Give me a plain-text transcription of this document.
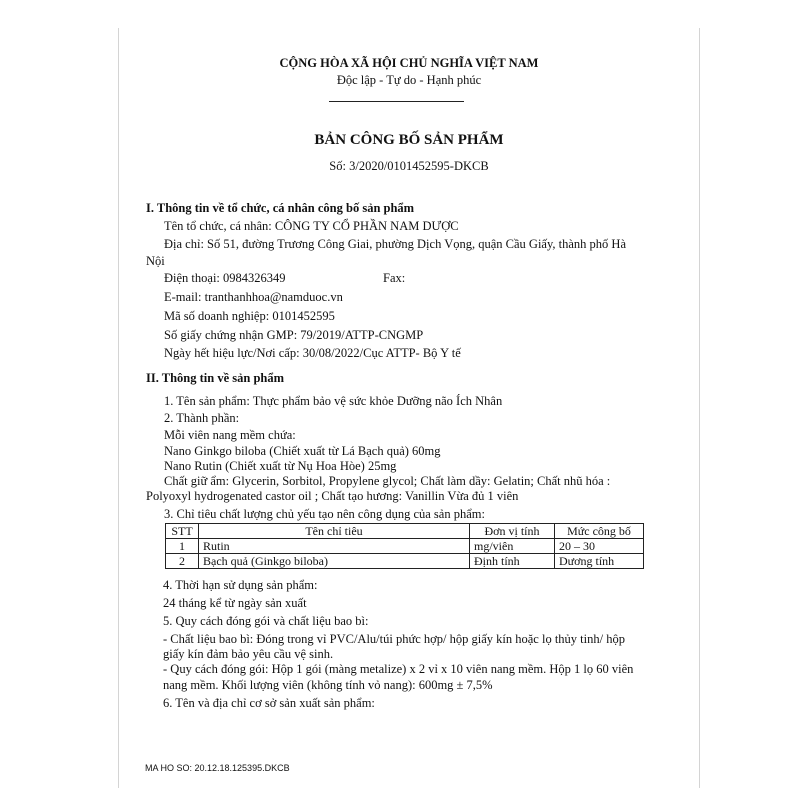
CỘNG HÒA XÃ HỘI CHỦ NGHĨA VIỆT NAM
Độc lập - Tự do - Hạnh phúc
BẢN CÔNG BỐ SẢN PHẨM
Số: 3/2020/0101452595-DKCB
I. Thông tin về tổ chức, cá nhân công bố sản phẩm
Tên tổ chức, cá nhân: CÔNG TY CỔ PHẦN NAM DƯỢC
Địa chỉ: Số 51, đường Trương Công Giai, phường Dịch Vọng, quận Cầu Giấy, thành phố Hà
Nội
Điện thoại: 0984326349	Fax:
E-mail: tranthanhhoa@namduoc.vn
Mã số doanh nghiệp: 0101452595
Số giấy chứng nhận GMP: 79/2019/ATTP-CNGMP
Ngày hết hiệu lực/Nơi cấp: 30/08/2022/Cục ATTP- Bộ Y tế
II. Thông tin về sản phẩm
1. Tên sản phẩm: Thực phẩm bảo vệ sức khỏe Dưỡng não Ích Nhân
2. Thành phần:
Mỗi viên nang mềm chứa:
Nano Ginkgo biloba (Chiết xuất từ Lá Bạch quả) 60mg
Nano Rutin (Chiết xuất từ Nụ Hoa Hòe) 25mg
Chất giữ ẩm: Glycerin, Sorbitol, Propylene glycol; Chất làm dầy: Gelatin; Chất nhũ hóa :
Polyoxyl hydrogenated castor oil ; Chất tạo hương: Vanillin Vừa đủ 1 viên
3. Chỉ tiêu chất lượng chủ yếu tạo nên công dụng của sản phẩm:
STT	Tên chỉ tiêu	Đơn vị tính	Mức công bố
1	Rutin	mg/viên	20 – 30
2	Bạch quả (Ginkgo biloba)	Định tính	Dương tính
4. Thời hạn sử dụng sản phẩm:
24 tháng kể từ ngày sản xuất
5. Quy cách đóng gói và chất liệu bao bì:
- Chất liệu bao bì: Đóng trong vỉ PVC/Alu/túi phức hợp/ hộp giấy kín hoặc lọ thủy tinh/ hộp
giấy kín đảm bảo yêu cầu vệ sinh.
- Quy cách đóng gói: Hộp 1 gói (màng metalize) x 2 vỉ x 10 viên nang mềm. Hộp 1 lọ 60 viên
nang mềm. Khối lượng viên (không tính vỏ nang): 600mg ± 7,5%
6. Tên và địa chỉ cơ sở sản xuất sản phẩm:
MA HO SO: 20.12.18.125395.DKCB
